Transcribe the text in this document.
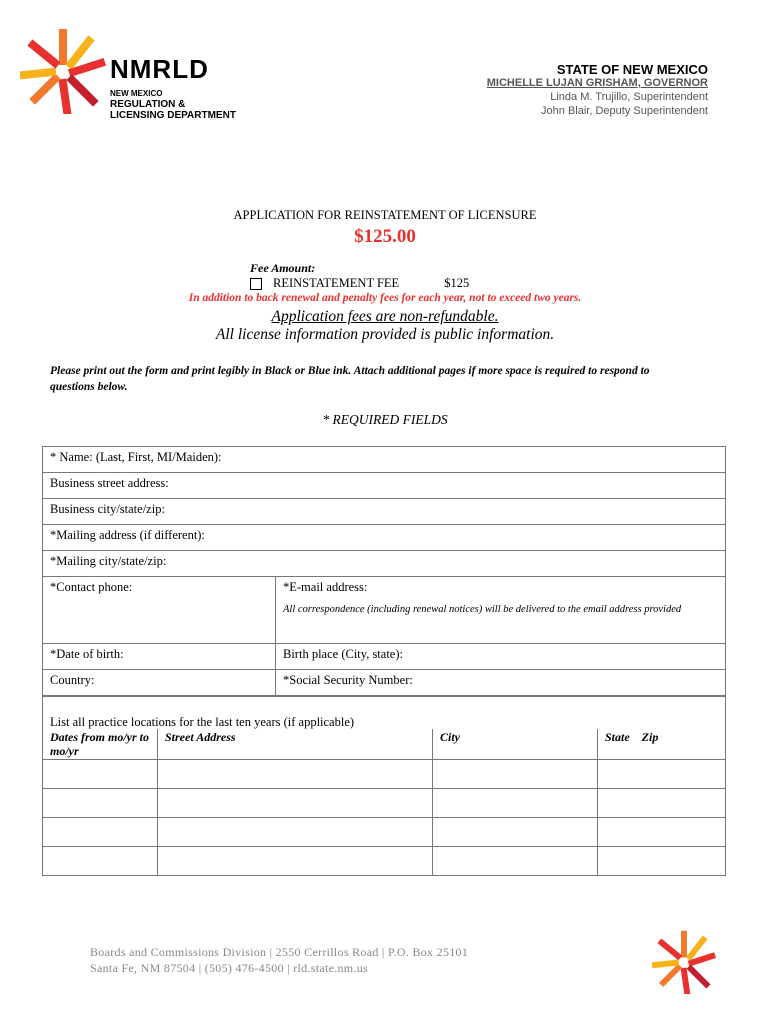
NMRLD
NEW MEXICO
REGULATION &
LICENSING DEPARTMENT
STATE OF NEW MEXICO
MICHELLE LUJAN GRISHAM, GOVERNOR
Linda M. Trujillo, Superintendent
John Blair, Deputy Superintendent
APPLICATION FOR REINSTATEMENT OF LICENSURE
$125.00
Fee Amount:
REINSTATEMENT FEE	$125
In addition to back renewal and penalty fees for each year, not to exceed two years.
Application fees are non-refundable.
All license information provided is public information.
Please print out the form and print legibly in Black or Blue ink. Attach additional pages if more space is required to respond to questions below.
* REQUIRED FIELDS
* Name: (Last, First, MI/Maiden):	
Business street address:	
Business city/state/zip:	
*Mailing address (if different):	
*Mailing city/state/zip:	
*Contact phone:	*E-mail address:
All correspondence (including renewal notices) will be delivered to the email address provided

*Date of birth:	Birth place (City, state):
Country:	*Social Security Number:
List all practice locations for the last ten years (if applicable)
Dates from mo/yr to mo/yr	Street Address	City	State    Zip

Boards and Commissions Division | 2550 Cerrillos Road | P.O. Box 25101
Santa Fe, NM 87504 | (505) 476-4500 | rld.state.nm.us
